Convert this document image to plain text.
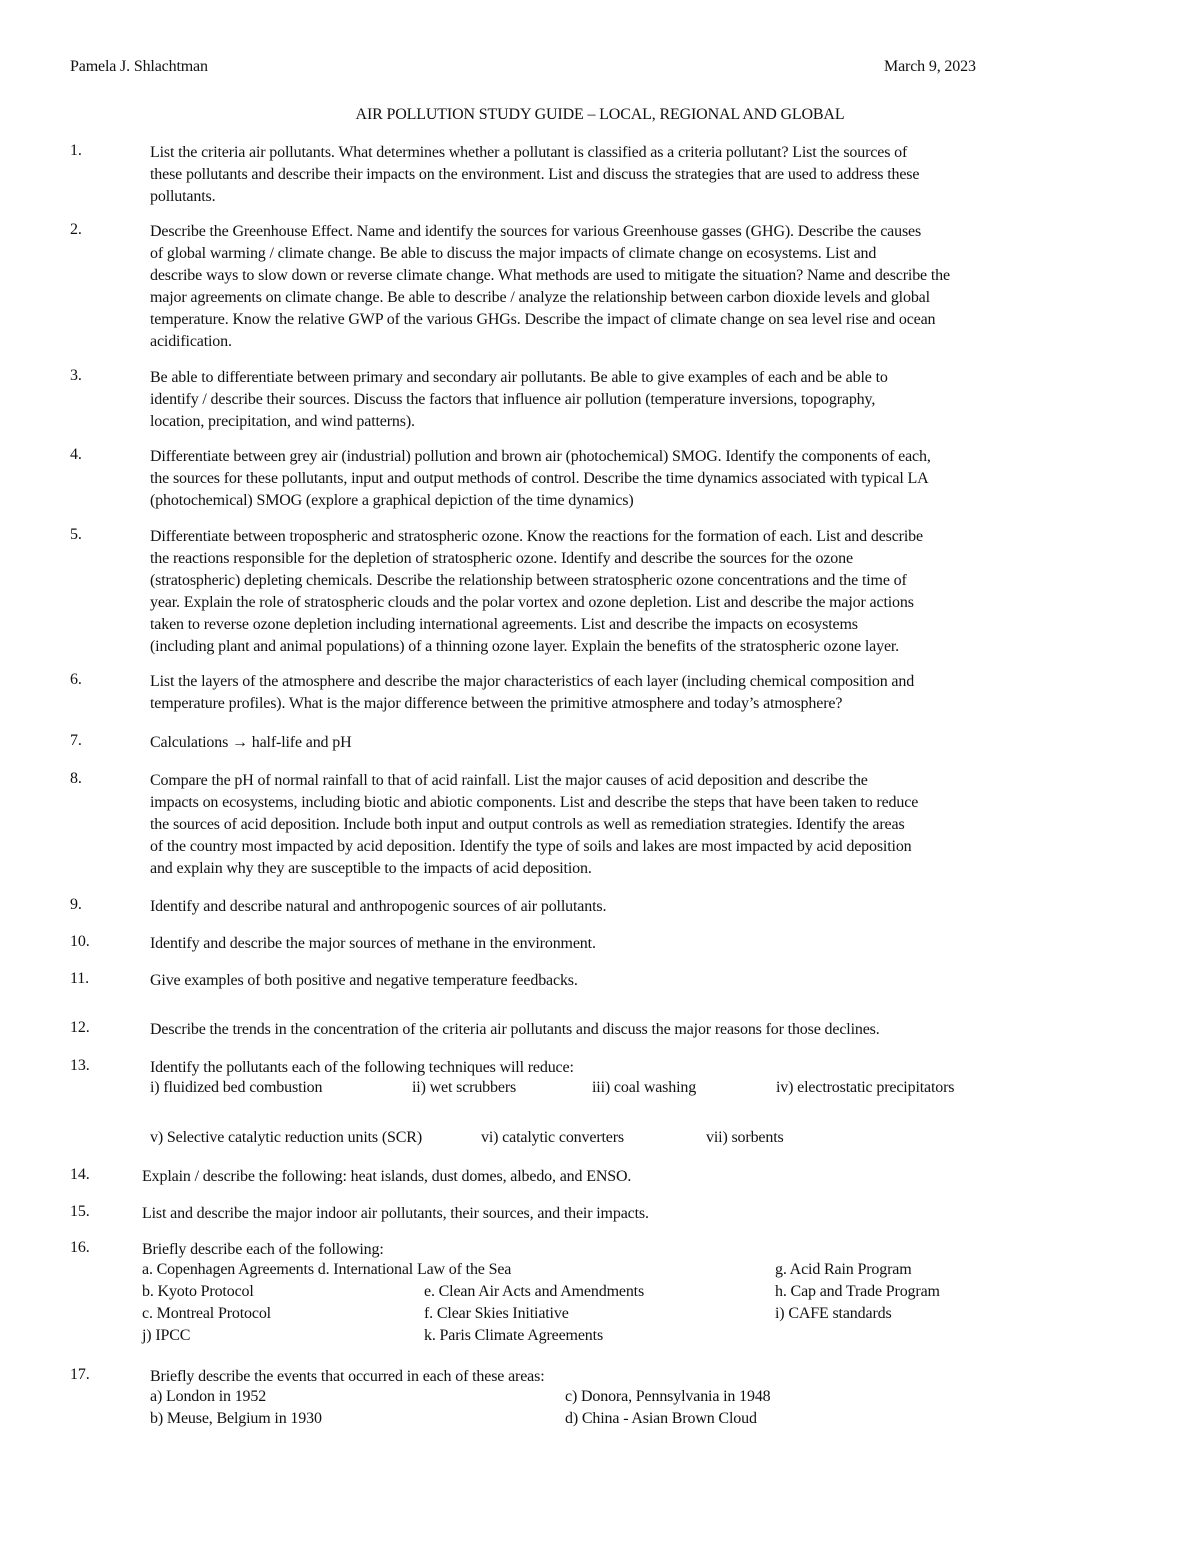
Pamela J. Shlachtman	March 9, 2023
AIR POLLUTION STUDY GUIDE – LOCAL, REGIONAL AND GLOBAL
1.	List the criteria air pollutants. What determines whether a pollutant is classified as a criteria pollutant? List the sources of
these pollutants and describe their impacts on the environment. List and discuss the strategies that are used to address these
pollutants.
2.	Describe the Greenhouse Effect. Name and identify the sources for various Greenhouse gasses (GHG). Describe the causes
of global warming / climate change. Be able to discuss the major impacts of climate change on ecosystems. List and
describe ways to slow down or reverse climate change. What methods are used to mitigate the situation? Name and describe the
major agreements on climate change. Be able to describe / analyze the relationship between carbon dioxide levels and global
temperature. Know the relative GWP of the various GHGs. Describe the impact of climate change on sea level rise and ocean
acidification.
3.	Be able to differentiate between primary and secondary air pollutants. Be able to give examples of each and be able to
identify / describe their sources. Discuss the factors that influence air pollution (temperature inversions, topography,
location, precipitation, and wind patterns).
4.	Differentiate between grey air (industrial) pollution and brown air (photochemical) SMOG. Identify the components of each,
the sources for these pollutants, input and output methods of control. Describe the time dynamics associated with typical LA
(photochemical) SMOG (explore a graphical depiction of the time dynamics)
5.	Differentiate between tropospheric and stratospheric ozone. Know the reactions for the formation of each. List and describe
the reactions responsible for the depletion of stratospheric ozone. Identify and describe the sources for the ozone
(stratospheric) depleting chemicals. Describe the relationship between stratospheric ozone concentrations and the time of
year. Explain the role of stratospheric clouds and the polar vortex and ozone depletion. List and describe the major actions
taken to reverse ozone depletion including international agreements. List and describe the impacts on ecosystems
(including plant and animal populations) of a thinning ozone layer. Explain the benefits of the stratospheric ozone layer.
6.	List the layers of the atmosphere and describe the major characteristics of each layer (including chemical composition and
temperature profiles). What is the major difference between the primitive atmosphere and today’s atmosphere?
7.	Calculations → half-life and pH
8.	Compare the pH of normal rainfall to that of acid rainfall. List the major causes of acid deposition and describe the
impacts on ecosystems, including biotic and abiotic components. List and describe the steps that have been taken to reduce
the sources of acid deposition. Include both input and output controls as well as remediation strategies. Identify the areas
of the country most impacted by acid deposition. Identify the type of soils and lakes are most impacted by acid deposition
and explain why they are susceptible to the impacts of acid deposition.
9.	Identify and describe natural and anthropogenic sources of air pollutants.
10.	Identify and describe the major sources of methane in the environment.
11.	Give examples of both positive and negative temperature feedbacks.
12.	Describe the trends in the concentration of the criteria air pollutants and discuss the major reasons for those declines.
13.	Identify the pollutants each of the following techniques will reduce:
i) fluidized bed combustion	ii) wet scrubbers	iii) coal washing	iv) electrostatic precipitators
v) Selective catalytic reduction units (SCR)	vi) catalytic converters	vii) sorbents
14.	Explain / describe the following: heat islands, dust domes, albedo, and ENSO.
15.	List and describe the major indoor air pollutants, their sources, and their impacts.
16.	Briefly describe each of the following:
a. Copenhagen Agreements d. International Law of the Sea	g. Acid Rain Program
b. Kyoto Protocol	e. Clean Air Acts and Amendments	h. Cap and Trade Program
c. Montreal Protocol	f. Clear Skies Initiative	i) CAFE standards
j) IPCC	k. Paris Climate Agreements
17.	Briefly describe the events that occurred in each of these areas:
a) London in 1952	c) Donora, Pennsylvania in 1948
b) Meuse, Belgium in 1930	d) China - Asian Brown Cloud
